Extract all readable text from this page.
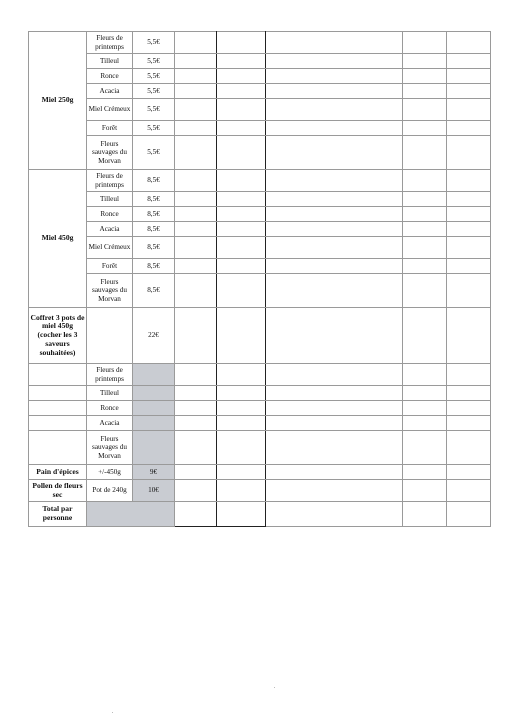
Miel 250g	Fleurs de printemps	5,5€					
	Tilleul	5,5€					
	Ronce	5,5€					
	Acacia	5,5€					
	Miel Crémeux	5,5€					
	Forêt	5,5€					
	Fleurs sauvages du Morvan	5,5€					
Miel 450g	Fleurs de printemps	8,5€					
	Tilleul	8,5€					
	Ronce	8,5€					
	Acacia	8,5€					
	Miel Crémeux	8,5€					
	Forêt	8,5€					
	Fleurs sauvages du Morvan	8,5€					
Coffret 3 pots de miel 450g (cocher les 3 saveurs souhaitées)		22€					
	Fleurs de printemps						
	Tilleul						
	Ronce						
	Acacia						
	Fleurs sauvages du Morvan						
Pain d'épices	+/-450g	9€					
Pollen de fleurs sec	Pot de 240g	10€					
Total par personne							
